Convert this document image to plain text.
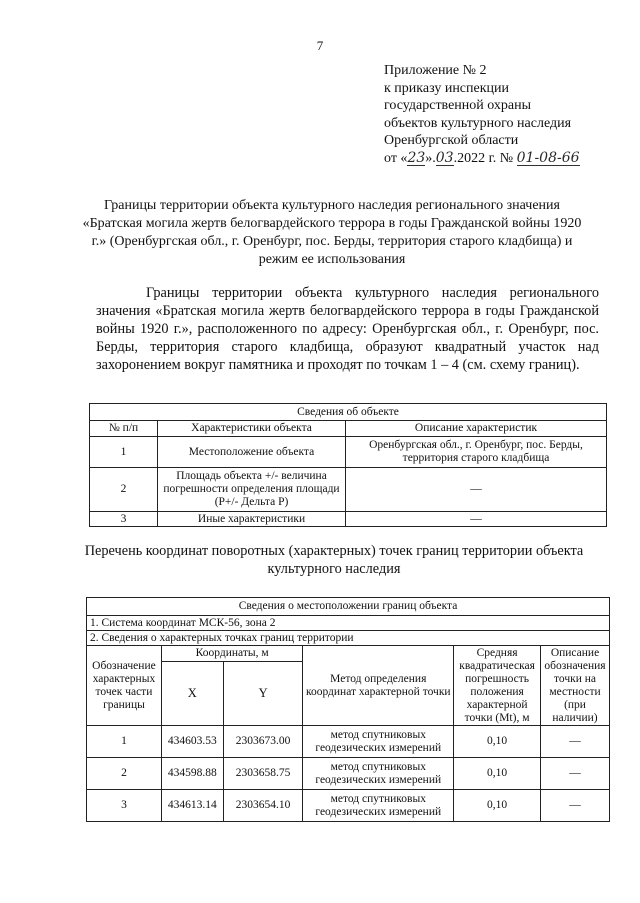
7
Приложение № 2
к приказу инспекции
государственной охраны
объектов культурного наследия
Оренбургской области
от «23».03.2022 г. № 01-08-66
Границы территории объекта культурного наследия регионального значения «Братская могила жертв белогвардейского террора в годы Гражданской войны 1920 г.» (Оренбургская обл., г. Оренбург, пос. Берды, территория старого кладбища) и режим ее использования
Границы территории объекта культурного наследия регионального значения «Братская могила жертв белогвардейского террора в годы Гражданской войны 1920 г.», расположенного по адресу: Оренбургская обл., г. Оренбург, пос. Берды, территория старого кладбища, образуют квадратный участок над захоронением вокруг памятника и проходят по точкам 1 – 4 (см. схему границ).
Сведения об объекте		
№ п/п	Характеристики объекта	Описание характеристик
1	Местоположение объекта	Оренбургская обл., г. Оренбург, пос. Берды, территория старого кладбища
2	Площадь объекта +/- величина погрешности определения площади (P+/- Дельта P)	—
3	Иные характеристики	—
Перечень координат поворотных (характерных) точек границ территории объекта культурного наследия
Сведения о местоположении границ объекта					
1. Система координат МСК-56, зона 2					
2. Сведения о характерных точках границ территории					
Обозначение характерных точек части границы	Координаты, м		Метод определения координат характерной точки	Средняя квадратическая погрешность положения характерной точки (Mt), м	Описание обозначения точки на местности (при наличии)
	X	Y			
1	434603.53	2303673.00	метод спутниковых геодезических измерений	0,10	—
2	434598.88	2303658.75	метод спутниковых геодезических измерений	0,10	—
3	434613.14	2303654.10	метод спутниковых геодезических измерений	0,10	—
